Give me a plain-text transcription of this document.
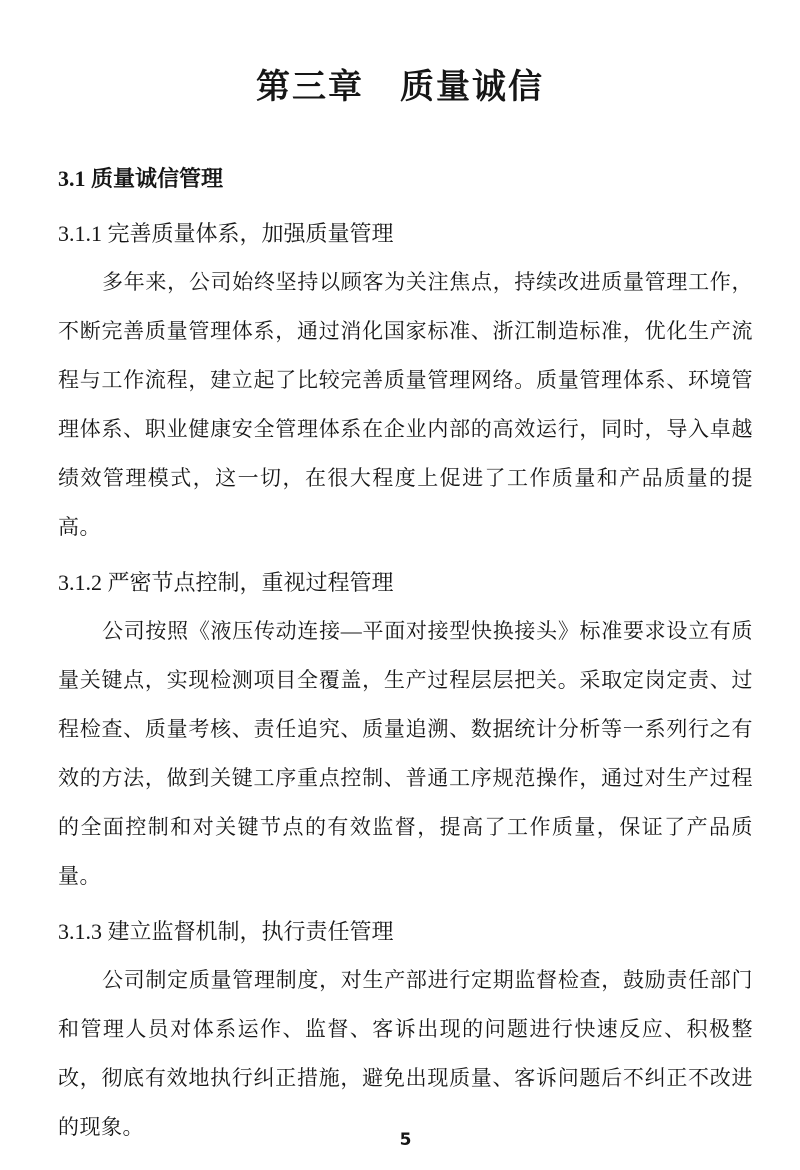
第三章　质量诚信
3.1 质量诚信管理
3.1.1 完善质量体系，加强质量管理
多年来，公司始终坚持以顾客为关注焦点，持续改进质量管理工作，
不断完善质量管理体系，通过消化国家标准、浙江制造标准，优化生产流
程与工作流程，建立起了比较完善质量管理网络。质量管理体系、环境管
理体系、职业健康安全管理体系在企业内部的高效运行，同时，导入卓越
绩效管理模式，这一切，在很大程度上促进了工作质量和产品质量的提
高。
3.1.2 严密节点控制，重视过程管理
公司按照《液压传动连接—平面对接型快换接头》标准要求设立有质
量关键点，实现检测项目全覆盖，生产过程层层把关。采取定岗定责、过
程检查、质量考核、责任追究、质量追溯、数据统计分析等一系列行之有
效的方法，做到关键工序重点控制、普通工序规范操作，通过对生产过程
的全面控制和对关键节点的有效监督，提高了工作质量，保证了产品质
量。
3.1.3 建立监督机制，执行责任管理
公司制定质量管理制度，对生产部进行定期监督检查，鼓励责任部门
和管理人员对体系运作、监督、客诉出现的问题进行快速反应、积极整
改，彻底有效地执行纠正措施，避免出现质量、客诉问题后不纠正不改进
的现象。
5
